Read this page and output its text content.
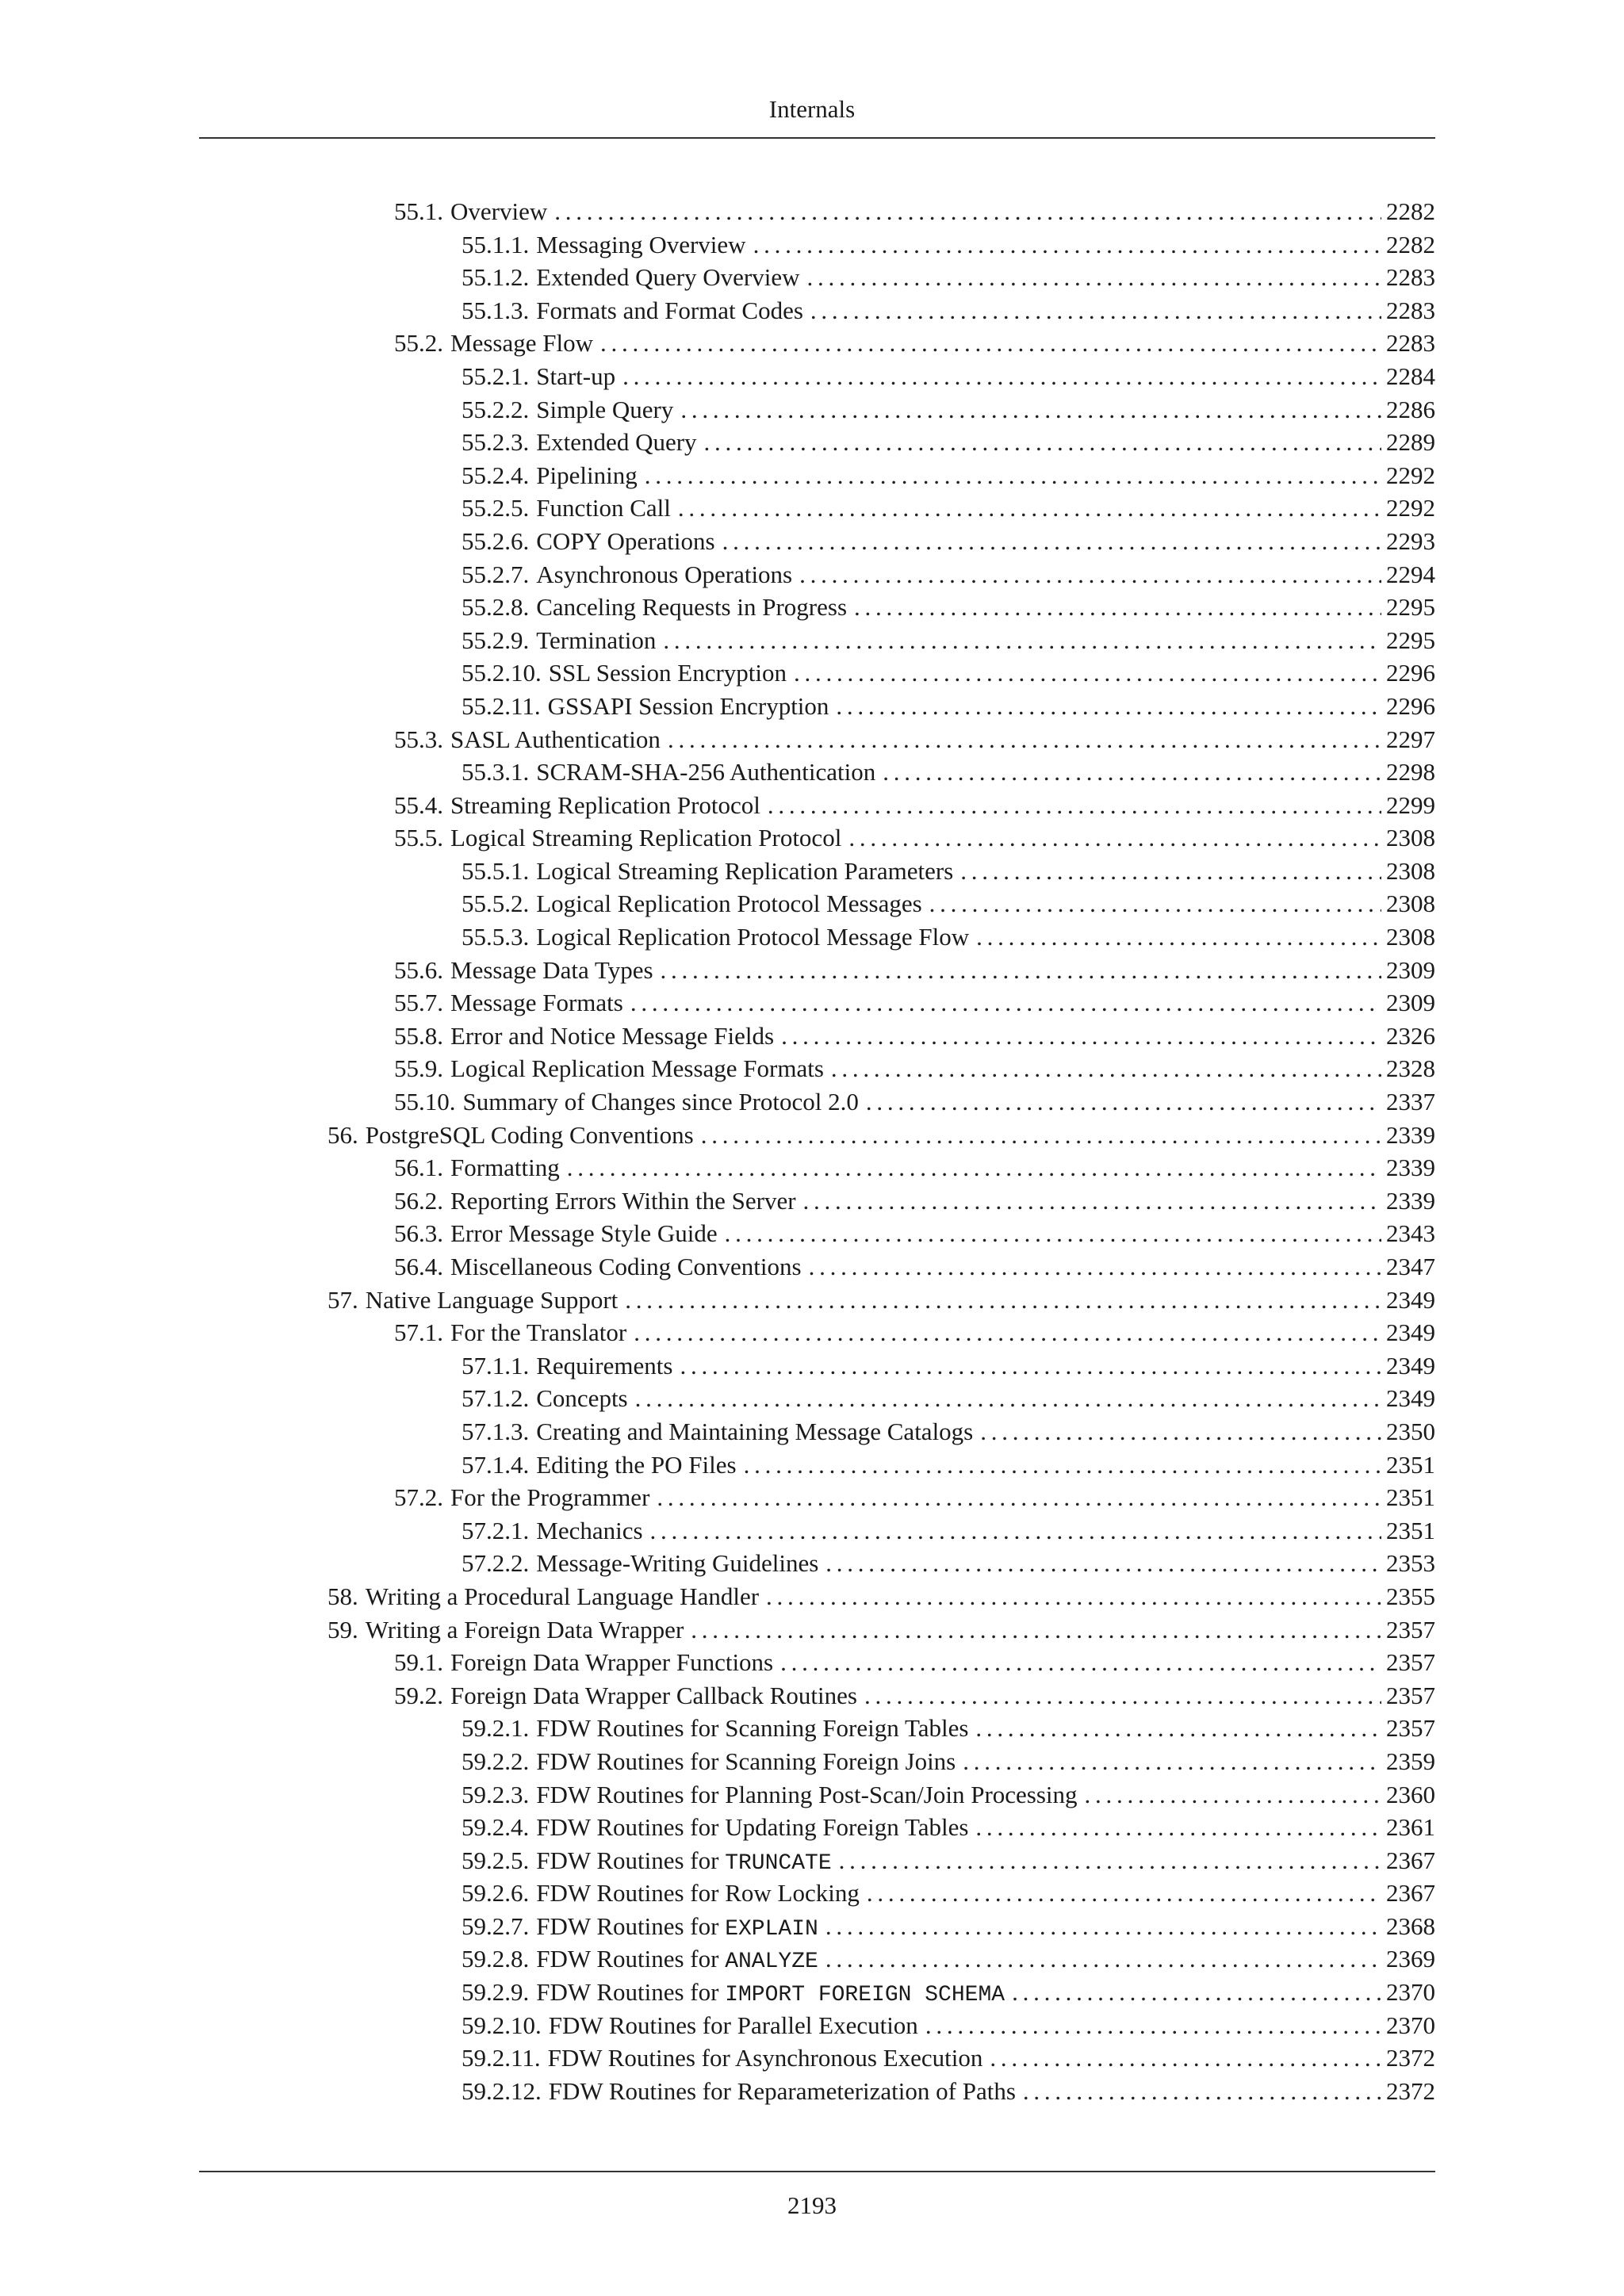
Internals
55.1. Overview . . .	2282
55.1.1. Messaging Overview . . .	2282
55.1.2. Extended Query Overview . . .	2283
55.1.3. Formats and Format Codes . . .	2283
55.2. Message Flow . . .	2283
55.2.1. Start-up . . .	2284
55.2.2. Simple Query . . .	2286
55.2.3. Extended Query . . .	2289
55.2.4. Pipelining . . .	2292
55.2.5. Function Call . . .	2292
55.2.6. COPY Operations . . .	2293
55.2.7. Asynchronous Operations . . .	2294
55.2.8. Canceling Requests in Progress . . .	2295
55.2.9. Termination . . .	2295
55.2.10. SSL Session Encryption . . .	2296
55.2.11. GSSAPI Session Encryption . . .	2296
55.3. SASL Authentication . . .	2297
55.3.1. SCRAM-SHA-256 Authentication . . .	2298
55.4. Streaming Replication Protocol . . .	2299
55.5. Logical Streaming Replication Protocol . . .	2308
55.5.1. Logical Streaming Replication Parameters . . .	2308
55.5.2. Logical Replication Protocol Messages . . .	2308
55.5.3. Logical Replication Protocol Message Flow . . .	2308
55.6. Message Data Types . . .	2309
55.7. Message Formats . . .	2309
55.8. Error and Notice Message Fields . . .	2326
55.9. Logical Replication Message Formats . . .	2328
55.10. Summary of Changes since Protocol 2.0 . . .	2337
56. PostgreSQL Coding Conventions . . .	2339
56.1. Formatting . . .	2339
56.2. Reporting Errors Within the Server . . .	2339
56.3. Error Message Style Guide . . .	2343
56.4. Miscellaneous Coding Conventions . . .	2347
57. Native Language Support . . .	2349
57.1. For the Translator . . .	2349
57.1.1. Requirements . . .	2349
57.1.2. Concepts . . .	2349
57.1.3. Creating and Maintaining Message Catalogs . . .	2350
57.1.4. Editing the PO Files . . .	2351
57.2. For the Programmer . . .	2351
57.2.1. Mechanics . . .	2351
57.2.2. Message-Writing Guidelines . . .	2353
58. Writing a Procedural Language Handler . . .	2355
59. Writing a Foreign Data Wrapper . . .	2357
59.1. Foreign Data Wrapper Functions . . .	2357
59.2. Foreign Data Wrapper Callback Routines . . .	2357
59.2.1. FDW Routines for Scanning Foreign Tables . . .	2357
59.2.2. FDW Routines for Scanning Foreign Joins . . .	2359
59.2.3. FDW Routines for Planning Post-Scan/Join Processing . . .	2360
59.2.4. FDW Routines for Updating Foreign Tables . . .	2361
59.2.5. FDW Routines for TRUNCATE . . .	2367
59.2.6. FDW Routines for Row Locking . . .	2367
59.2.7. FDW Routines for EXPLAIN . . .	2368
59.2.8. FDW Routines for ANALYZE . . .	2369
59.2.9. FDW Routines for IMPORT FOREIGN SCHEMA . . .	2370
59.2.10. FDW Routines for Parallel Execution . . .	2370
59.2.11. FDW Routines for Asynchronous Execution . . .	2372
59.2.12. FDW Routines for Reparameterization of Paths . . .	2372
2193
